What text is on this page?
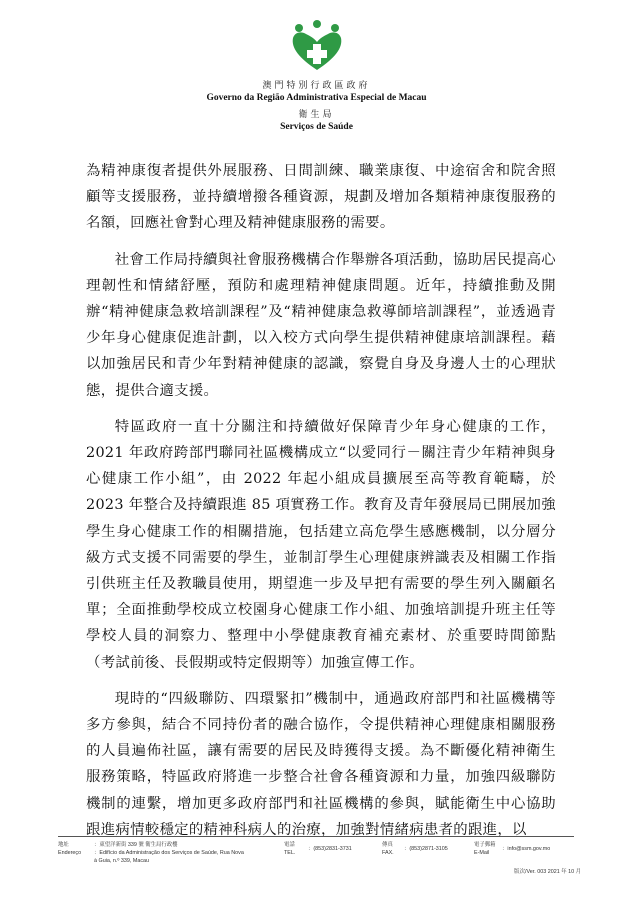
澳門特別行政區政府
Governo da Região Administrativa Especial de Macau
衛生局
Serviços de Saúde

為精神康復者提供外展服務、日間訓練、職業康復、中途宿舍和院舍照顧等支援服務，並持續增撥各種資源，規劃及增加各類精神康復服務的名額，回應社會對心理及精神健康服務的需要。

社會工作局持續與社會服務機構合作舉辦各項活動，協助居民提高心理韌性和情緒舒壓，預防和處理精神健康問題。近年，持續推動及開辦“精神健康急救培訓課程”及“精神健康急救導師培訓課程”，並透過青少年身心健康促進計劃，以入校方式向學生提供精神健康培訓課程。藉以加強居民和青少年對精神健康的認識，察覺自身及身邊人士的心理狀態，提供合適支援。

特區政府一直十分關注和持續做好保障青少年身心健康的工作，2021 年政府跨部門聯同社區機構成立“以愛同行－關注青少年精神與身心健康工作小組”，由 2022 年起小組成員擴展至高等教育範疇，於 2023 年整合及持續跟進 85 項實務工作。教育及青年發展局已開展加強學生身心健康工作的相關措施，包括建立高危學生感應機制，以分層分級方式支援不同需要的學生，並制訂學生心理健康辨識表及相關工作指引供班主任及教職員使用，期望進一步及早把有需要的學生列入關顧名單；全面推動學校成立校園身心健康工作小組、加強培訓提升班主任等學校人員的洞察力、整理中小學健康教育補充素材、於重要時間節點（考試前後、長假期或特定假期等）加強宣傳工作。

現時的“四級聯防、四環緊扣”機制中，通過政府部門和社區機構等多方參與，結合不同持份者的融合協作，令提供精神心理健康相關服務的人員遍佈社區，讓有需要的居民及時獲得支援。為不斷優化精神衛生服務策略，特區政府將進一步整合社會各種資源和力量，加強四級聯防機制的連繫，增加更多政府部門和社區機構的參與，賦能衛生中心協助跟進病情較穩定的精神科病人的治療，加強對情緒病患者的跟進，以

地址
Endereço
：東望洋新街 339 號 衛生局行政樓
：Edifício da Administração dos Serviços de Saúde, Rua Nova à Guia, n.º 339, Macau
電話
TEL.
：(853)2831-3731
傳真
FAX.
：(853)2871-3105
電子郵箱
E-Mail
：info@ssm.gov.mo
版次/Ver. 003 2021 年 10 月
